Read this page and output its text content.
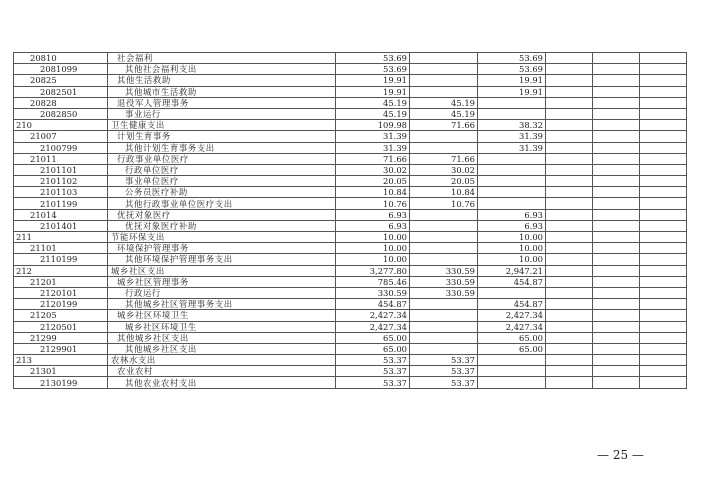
20810	社会福利	53.69		53.69			
2081099	其他社会福利支出	53.69		53.69			
20825	其他生活救助	19.91		19.91			
2082501	其他城市生活救助	19.91		19.91			
20828	退役军人管理事务	45.19	45.19				
2082850	事业运行	45.19	45.19				
210	卫生健康支出	109.98	71.66	38.32			
21007	计划生育事务	31.39		31.39			
2100799	其他计划生育事务支出	31.39		31.39			
21011	行政事业单位医疗	71.66	71.66				
2101101	行政单位医疗	30.02	30.02				
2101102	事业单位医疗	20.05	20.05				
2101103	公务员医疗补助	10.84	10.84				
2101199	其他行政事业单位医疗支出	10.76	10.76				
21014	优抚对象医疗	6.93		6.93			
2101401	优抚对象医疗补助	6.93		6.93			
211	节能环保支出	10.00		10.00			
21101	环境保护管理事务	10.00		10.00			
2110199	其他环境保护管理事务支出	10.00		10.00			
212	城乡社区支出	3,277.80	330.59	2,947.21			
21201	城乡社区管理事务	785.46	330.59	454.87			
2120101	行政运行	330.59	330.59				
2120199	其他城乡社区管理事务支出	454.87		454.87			
21205	城乡社区环境卫生	2,427.34		2,427.34			
2120501	城乡社区环境卫生	2,427.34		2,427.34			
21299	其他城乡社区支出	65.00		65.00			
2129901	其他城乡社区支出	65.00		65.00			
213	农林水支出	53.37	53.37				
21301	农业农村	53.37	53.37				
2130199	其他农业农村支出	53.37	53.37				
— 25 —
